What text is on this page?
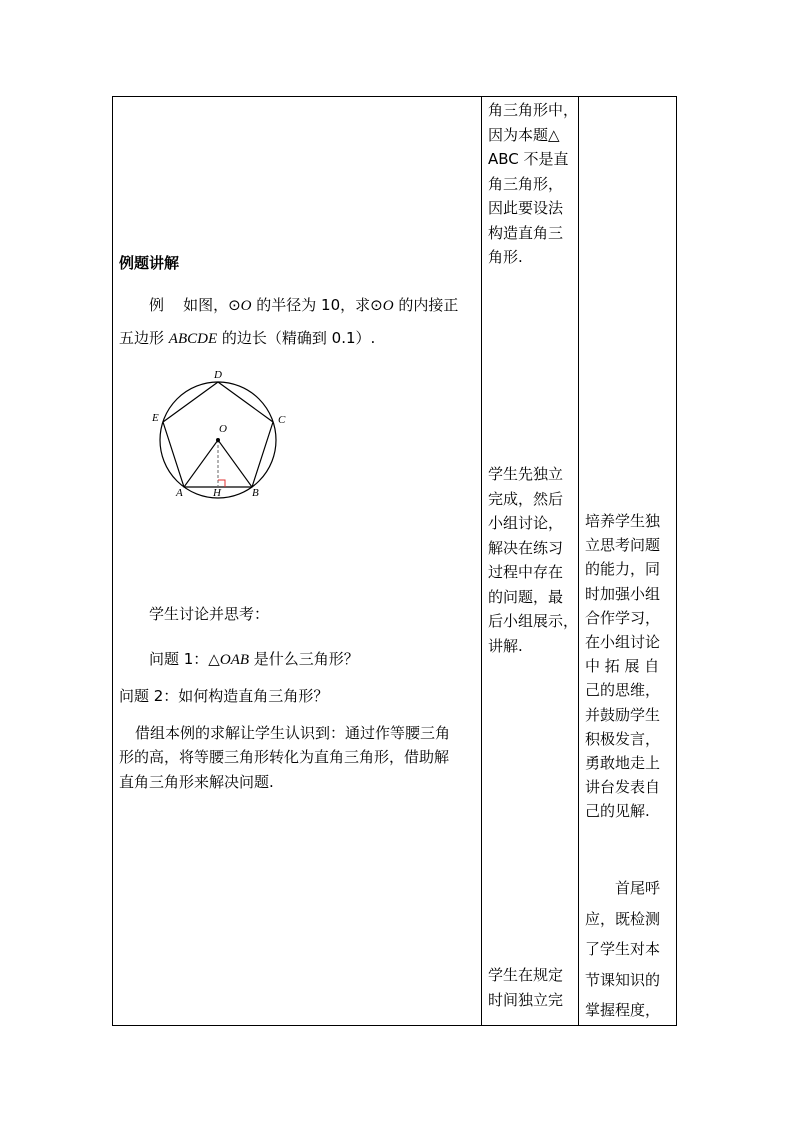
例题讲解
例 如图，⊙O 的半径为 10，求⊙O 的内接正
五边形 ABCDE 的边长（精确到 0.1）.
D
C
E
O
A	H	B
学生讨论并思考：
问题 1：△OAB 是什么三角形？
问题 2：如何构造直角三角形？
借组本例的求解让学生认识到：通过作等腰三角
形的高，将等腰三角形转化为直角三角形，借助解
直角三角形来解决问题.

角三角形中，
因为本题△
ABC 不是直
角三角形，
因此要设法
构造直角三
角形.
学生先独立
完成，然后
小组讨论，
解决在练习
过程中存在
的问题，最
后小组展示，
讲解.
学生在规定
时间独立完

培养学生独
立思考问题
的能力，同
时加强小组
合作学习，
在小组讨论
中 拓 展 自
己的思维，
并鼓励学生
积极发言，
勇敢地走上
讲台发表自
己的见解.
首尾呼
应，既检测
了学生对本
节课知识的
掌握程度，
